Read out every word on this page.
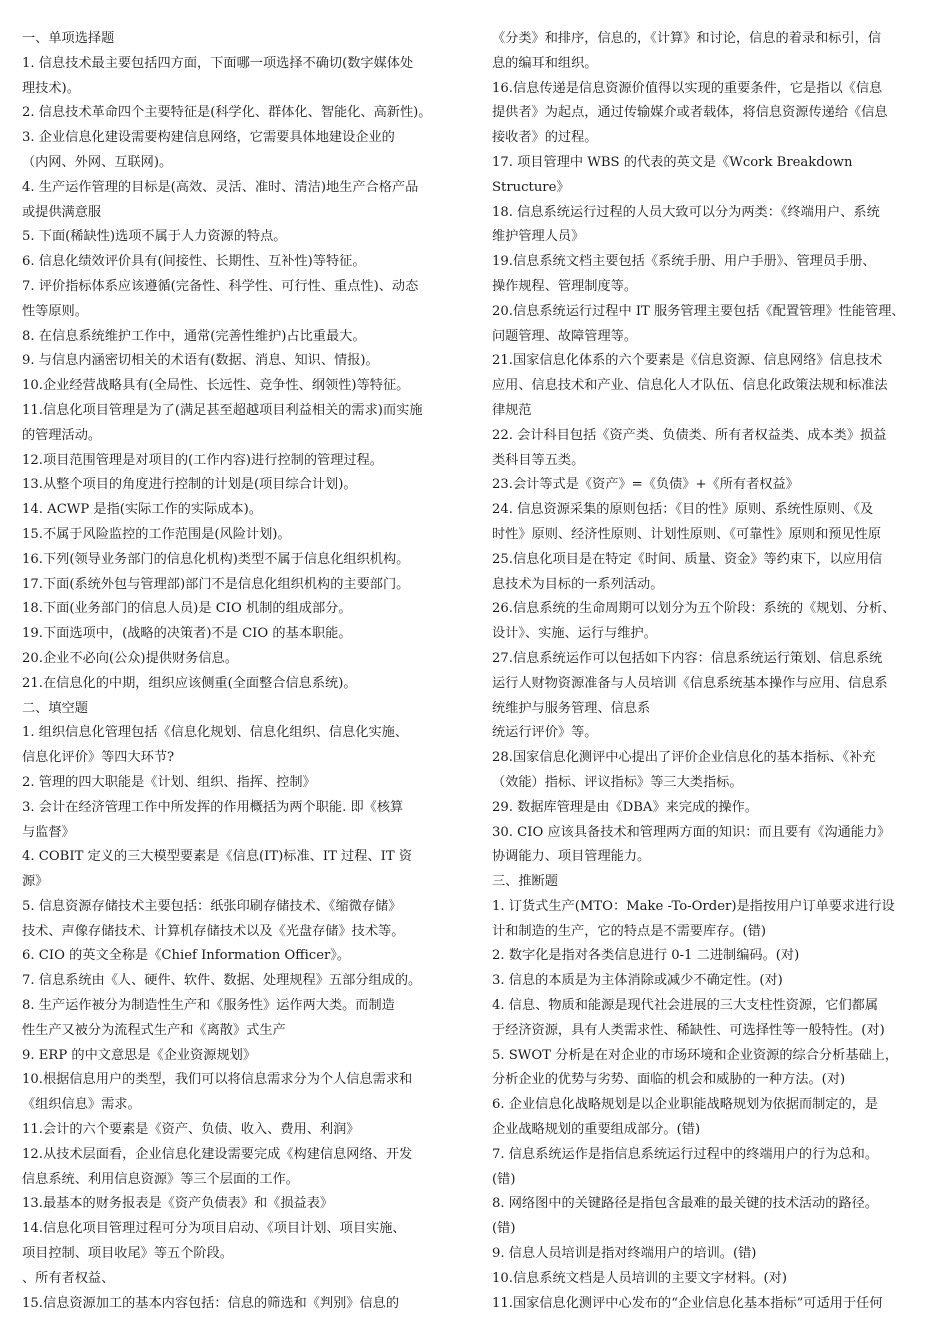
一、单项选择题
1. 信息技术最主要包括四方面，下面哪一项选择不确切(数字媒体处
理技术)。
2. 信息技术革命四个主要特征是(科学化、群体化、智能化、高新性)。
3. 企业信息化建设需要构建信息网络，它需要具体地建设企业的
（内网、外网、互联网)。
4. 生产运作管理的目标是(高效、灵活、准时、清洁)地生产合格产品
或提供满意服
5. 下面(稀缺性)选项不属于人力资源的特点。
6. 信息化绩效评价具有(间接性、长期性、互补性)等特征。
7. 评价指标体系应该遵循(完备性、科学性、可行性、重点性)、动态
性等原则。
8. 在信息系统维护工作中，通常(完善性维护)占比重最大。
9. 与信息内涵密切相关的术语有(数据、消息、知识、情报)。
10.企业经营战略具有(全局性、长远性、竞争性、纲领性)等特征。
11.信息化项目管理是为了(满足甚至超越项目利益相关的需求)而实施
的管理活动。
12.项目范围管理是对项目的(工作内容)进行控制的管理过程。
13.从整个项目的角度进行控制的计划是(项目综合计划)。
14. ACWP 是指(实际工作的实际成本)。
15.不属于风险监控的工作范围是(风险计划)。
16.下列(领导业务部门的信息化机构)类型不属于信息化组织机构。
17.下面(系统外包与管理部)部门不是信息化组织机构的主要部门。
18.下面(业务部门的信息人员)是 CIO 机制的组成部分。
19.下面选项中，(战略的决策者)不是 CIO 的基本职能。
20.企业不必向(公众)提供财务信息。
21.在信息化的中期，组织应该侧重(全面整合信息系统)。
二、填空题
1. 组织信息化管理包括《信息化规划、信息化组织、信息化实施、
信息化评价》等四大环节?
2. 管理的四大职能是《计划、组织、指挥、控制》
3. 会计在经济管理工作中所发挥的作用概括为两个职能. 即《核算
与监督》
4. COBIT 定义的三大模型要素是《信息(IT)标准、IT 过程、IT 资
源》
5. 信息资源存储技术主要包括：纸张印刷存储技术、《缩微存储》
技术、声像存储技术、计算机存储技术以及《光盘存储》技术等。
6. CIO 的英文全称是《Chief Information Officer》。
7. 信息系统由《人、硬件、软件、数据、处理规程》五部分组成的。
8. 生产运作被分为制造性生产和《服务性》运作两大类。而制造
性生产又被分为流程式生产和《离散》式生产
9. ERP 的中文意思是《企业资源规划》
10.根据信息用户的类型，我们可以将信息需求分为个人信息需求和
《组织信息》需求。
11.会计的六个要素是《资产、负债、收入、费用、利润》
12.从技术层面看，企业信息化建设需要完成《构建信息网络、开发
信息系统、利用信息资源》等三个层面的工作。
13.最基本的财务报表是《资产负债表》和《损益表》
14.信息化项目管理过程可分为项目启动、《项目计划、项目实施、
项目控制、项目收尾》等五个阶段。
、所有者权益、
15.信息资源加工的基本内容包括：信息的筛选和《判别》信息的
《分类》和排序，信息的，《计算》和讨论，信息的着录和标引，信
息的编耳和组织。
16.信息传递是信息资源价值得以实现的重要条件，它是指以《信息
提供者》为起点，通过传输媒介或者载体，将信息资源传递给《信息
接收者》的过程。
17. 项目管理中 WBS 的代表的英文是《Wcork Breakdown
Structure》
18. 信息系统运行过程的人员大致可以分为两类：《终端用户、系统
维护管理人员》
19.信息系统文档主要包括《系统手册、用户手册》、管理员手册、
操作规程、管理制度等。
20.信息系统运行过程中 IT 服务管理主要包括《配置管理》性能管理、
问题管理、故障管理等。
21.国家信息化体系的六个要素是《信息资源、信息网络》信息技术
应用、信息技术和产业、信息化人才队伍、信息化政策法规和标准法
律规范
22. 会计科目包括《资产类、负债类、所有者权益类、成本类》损益
类科目等五类。
23.会计等式是《资产》=《负债》+《所有者权益》
24. 信息资源采集的原则包括：《目的性》原则、系统性原则、《及
时性》原则、经济性原则、计划性原则、《可靠性》原则和预见性原
25.信息化项目是在特定《时间、质量、资金》等约束下，以应用信
息技术为目标的一系列活动。
26.信息系统的生命周期可以划分为五个阶段：系统的《规划、分析、
设计》、实施、运行与维护。
27.信息系统运作可以包括如下内容：信息系统运行策划、信息系统
运行人财物资源准备与人员培训《信息系统基本操作与应用、信息系
统维护与服务管理、信息系
统运行评价》等。
28.国家信息化测评中心提出了评价企业信息化的基本指标、《补充
（效能）指标、评议指标》等三大类指标。
29. 数据库管理是由《DBA》来完成的操作。
30. CIO 应该具备技术和管理两方面的知识：而且要有《沟通能力》
协调能力、项目管理能力。
三、推断题
1. 订货式生产(MTO：Make -To-Order)是指按用户订单要求进行设
计和制造的生产，它的特点是不需要库存。(错)
2. 数字化是指对各类信息进行 0-1 二进制编码。(对)
3. 信息的本质是为主体消除或减少不确定性。(对)
4. 信息、物质和能源是现代社会进展的三大支柱性资源，它们都属
于经济资源，具有人类需求性、稀缺性、可选择性等一般特性。(对)
5. SWOT 分析是在对企业的市场环境和企业资源的综合分析基础上，
分析企业的优势与劣势、面临的机会和威胁的一种方法。(对)
6. 企业信息化战略规划是以企业职能战略规划为依据而制定的，是
企业战略规划的重要组成部分。(错)
7. 信息系统运作是指信息系统运行过程中的终端用户的行为总和。
(错)
8. 网络图中的关键路径是指包含最难的最关键的技术活动的路径。
(错)
9. 信息人员培训是指对终端用户的培训。(错)
10.信息系统文档是人员培训的主要文字材料。(对)
11.国家信息化测评中心发布的“企业信息化基本指标”可适用于任何
